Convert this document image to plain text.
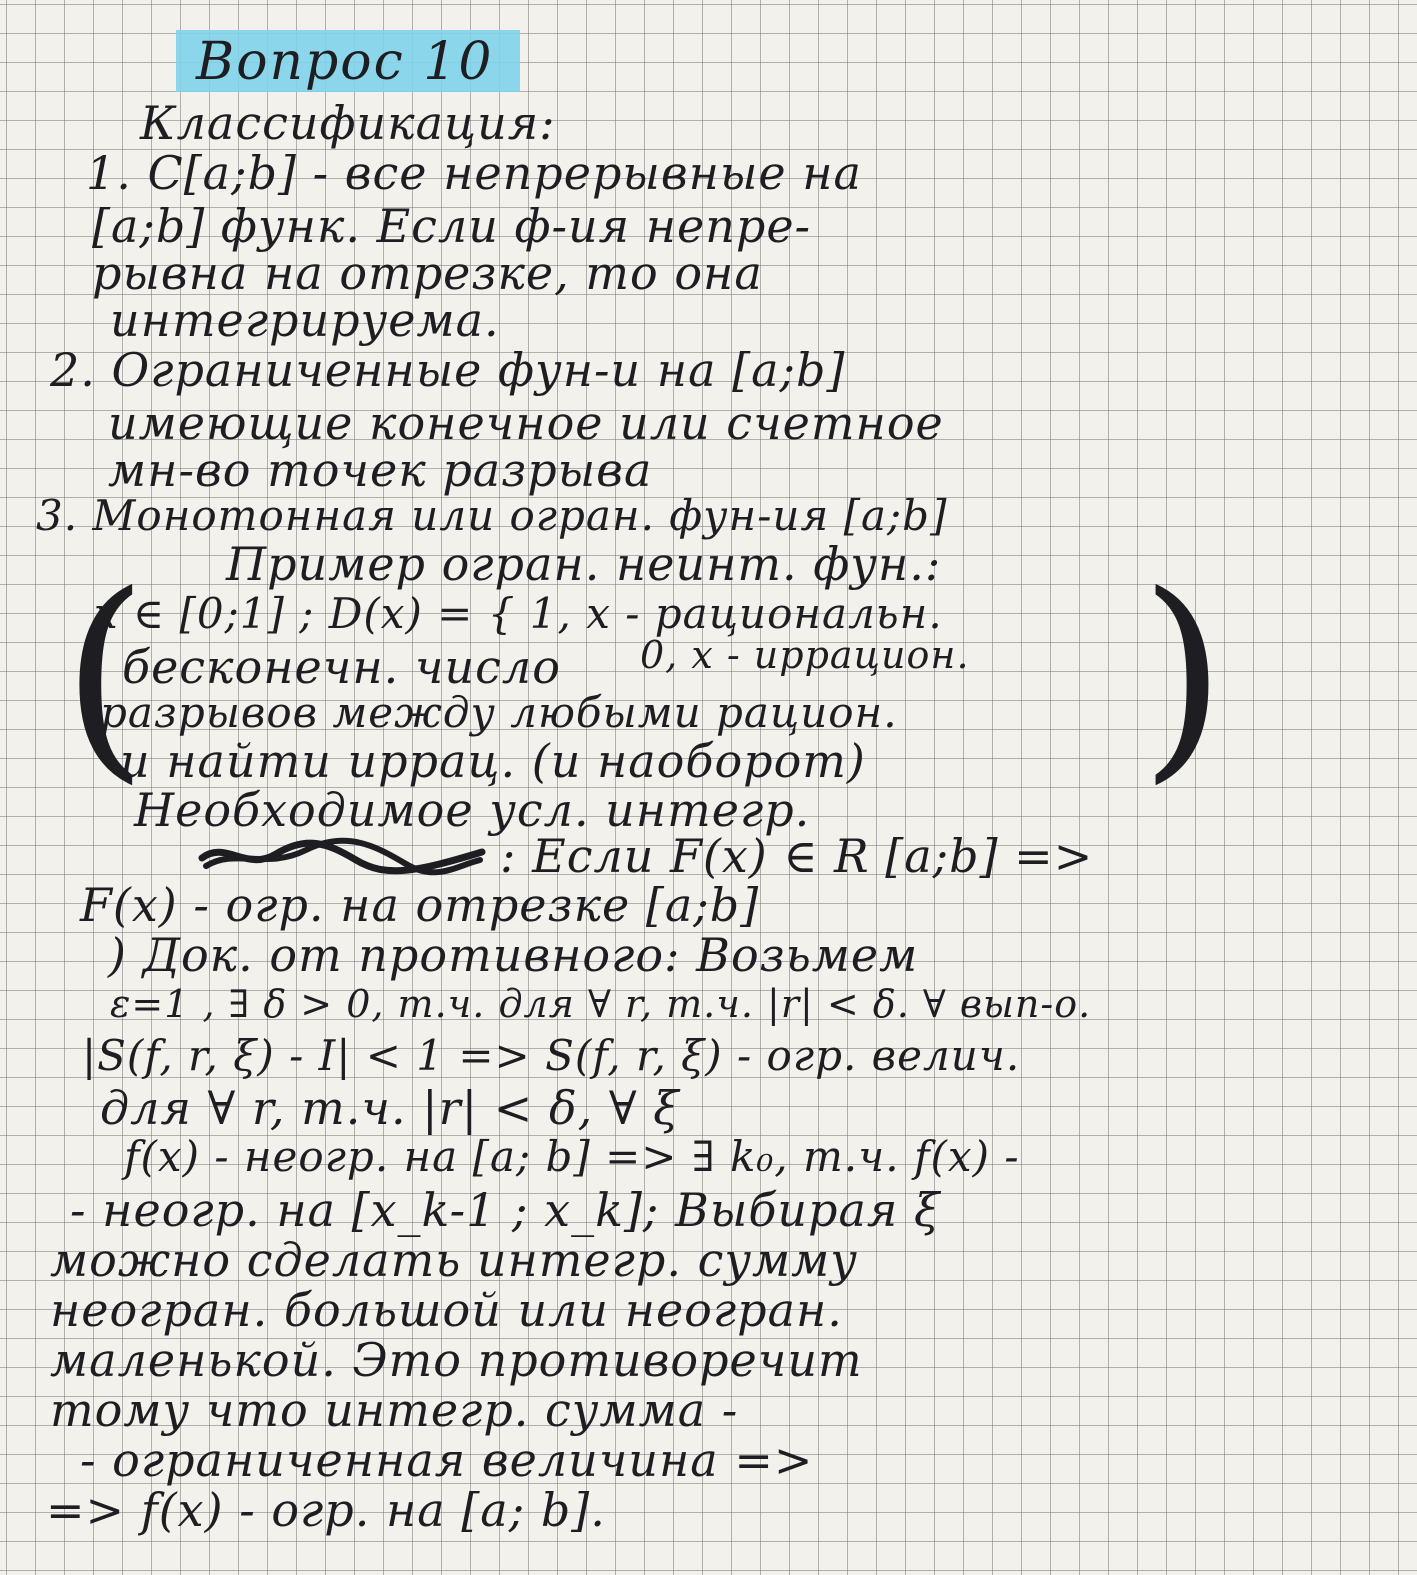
Вопрос 10
Классификация:
1. C[a;b] - все непрерывные на
[a;b] функ. Если ф-ия непре-
рывна на отрезке, то она
интегрируема.
2. Ограниченные фун-и на [a;b]
имеющие конечное или счетное
мн-во точек разрыва
3. Монотонная или огран. фун-ия [a;b]
Пример огран. неинт. фун.:
(	)
x ∈ [0;1] ; D(x) = { 1, x - рациональн.
0, x - иррацион.
бесконечн. число
разрывов между любыми рацион.
и найти иррац. (и наоборот)
Необходимое усл. интегр.
: Если F(x) ∈ R [a;b] =>
F(x) - огр. на отрезке [a;b]
) Док. от противного: Возьмем
ε=1 , ∃ δ > 0, т.ч. для ∀ r, т.ч. |r| < δ. ∀ вып-о.
|S(f, r, ξ) - I| < 1 => S(f, r, ξ) - огр. велич.
для ∀ r, т.ч. |r| < δ, ∀ ξ
f(x) - неогр. на [a; b] => ∃ k₀, т.ч. f(x) -
- неогр. на [x_k-1 ; x_k]; Выбирая ξ
можно сделать интегр. сумму
неогран. большой или неогран.
маленькой. Это противоречит
тому что интегр. сумма -
- ограниченная величина =>
=> f(x) - огр. на [a; b].
